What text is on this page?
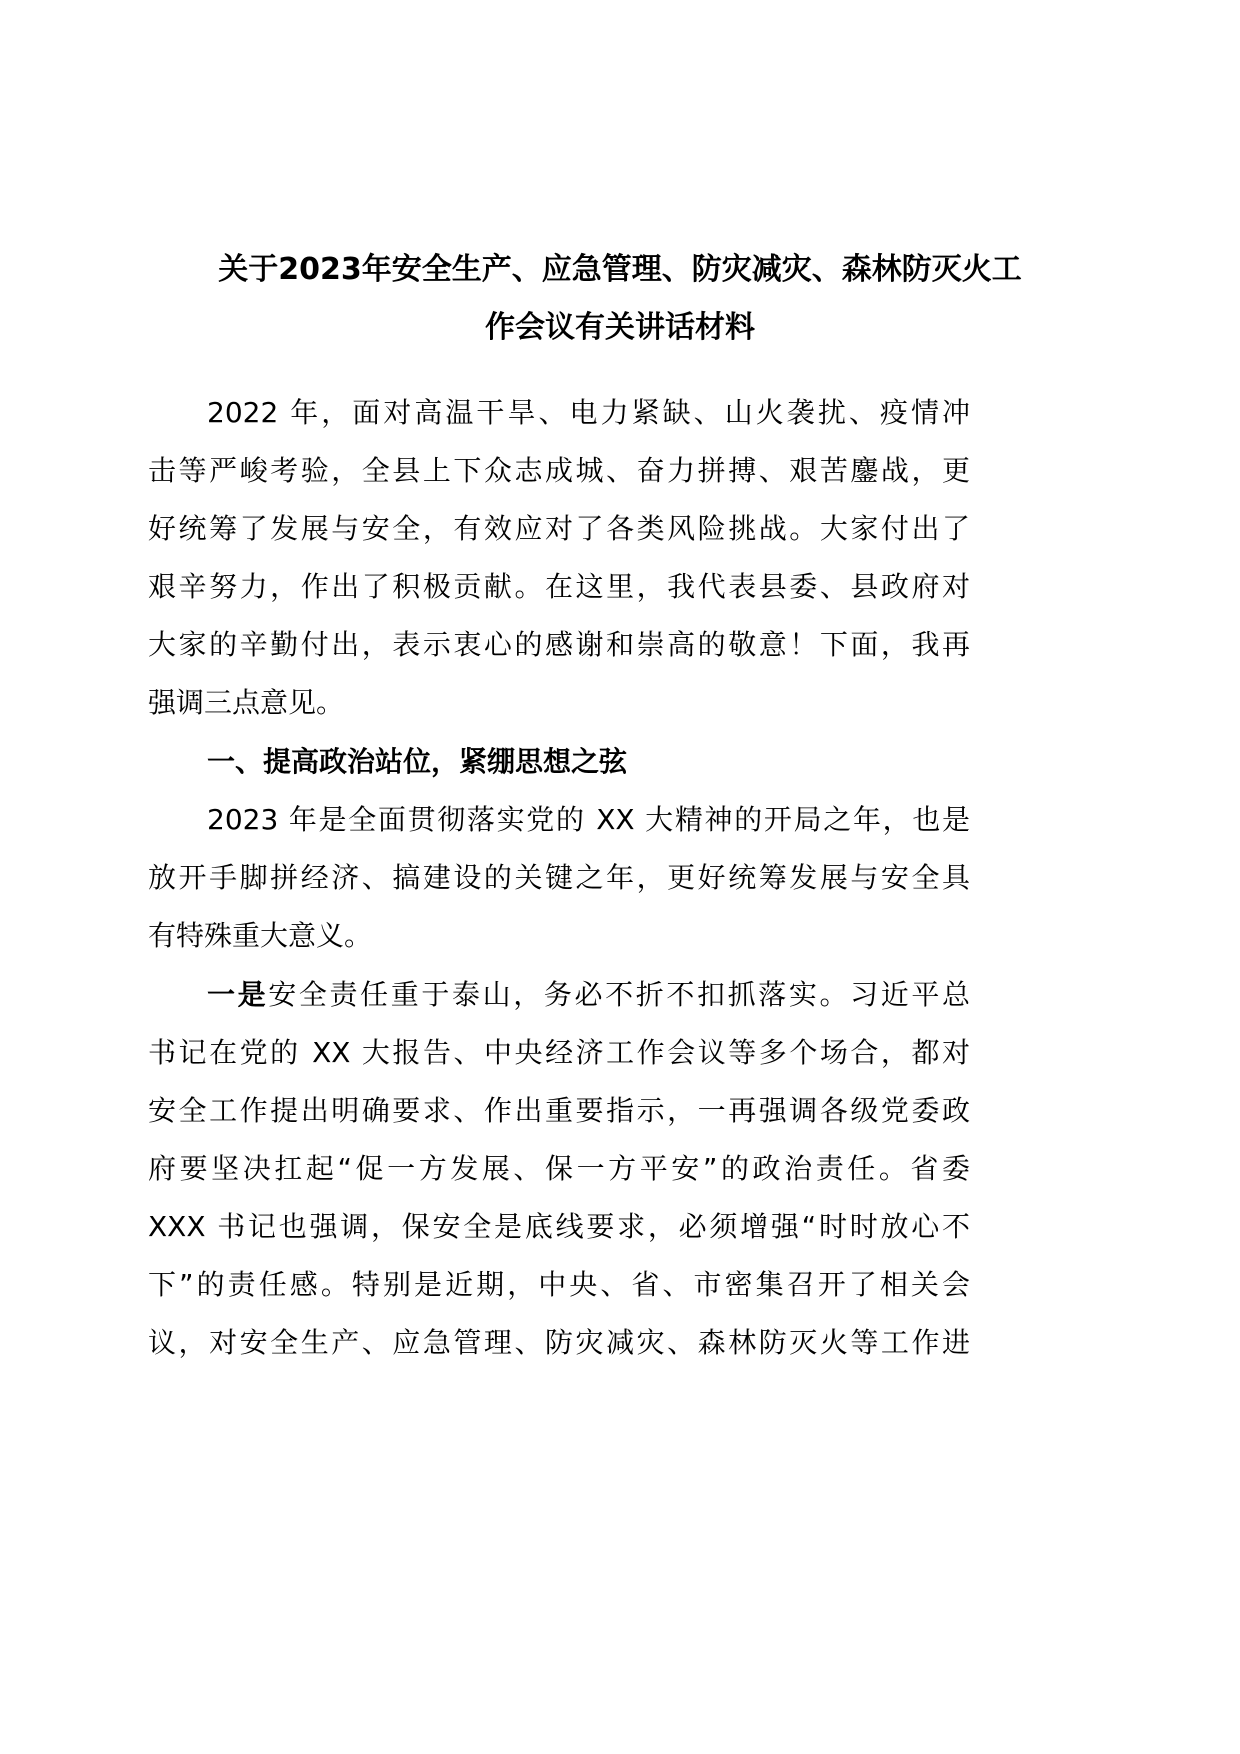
关于2023年安全生产、应急管理、防灾减灾、森林防灭火工
作会议有关讲话材料
2022 年，面对高温干旱、电力紧缺、山火袭扰、疫情冲
击等严峻考验，全县上下众志成城、奋力拼搏、艰苦鏖战，更
好统筹了发展与安全，有效应对了各类风险挑战。大家付出了
艰辛努力，作出了积极贡献。在这里，我代表县委、县政府对
大家的辛勤付出，表示衷心的感谢和崇高的敬意！下面，我再
强调三点意见。
一、提高政治站位，紧绷思想之弦
2023 年是全面贯彻落实党的 XX 大精神的开局之年，也是
放开手脚拼经济、搞建设的关键之年，更好统筹发展与安全具
有特殊重大意义。
一是安全责任重于泰山，务必不折不扣抓落实。习近平总
书记在党的 XX 大报告、中央经济工作会议等多个场合，都对
安全工作提出明确要求、作出重要指示，一再强调各级党委政
府要坚决扛起“促一方发展、保一方平安”的政治责任。省委
XXX 书记也强调，保安全是底线要求，必须增强“时时放心不
下”的责任感。特别是近期，中央、省、市密集召开了相关会
议，对安全生产、应急管理、防灾减灾、森林防灭火等工作进
